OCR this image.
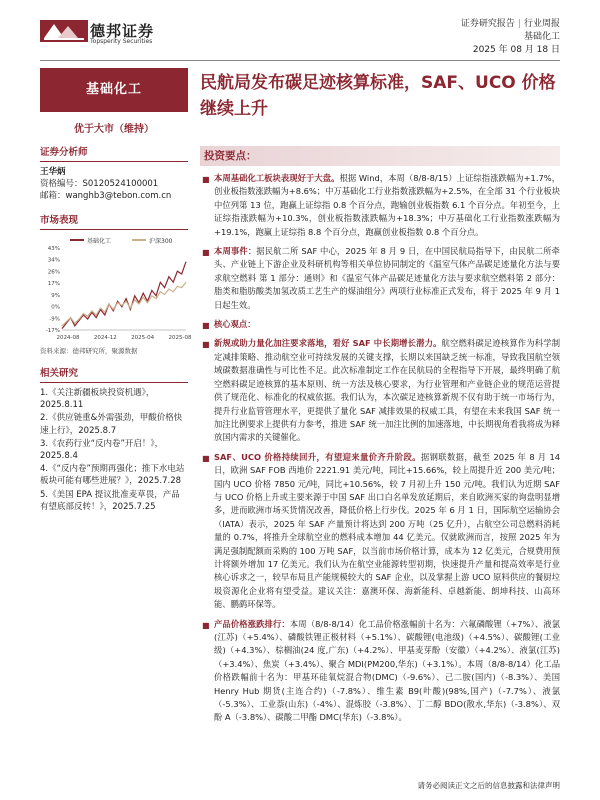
德邦证券
Topsperity Securities
证券研究报告 | 行业周报
基础化工
2025 年 08 月 18 日
基础化工
优于大市（维持）
证券分析师
王华炳
资格编号：S0120524100001
邮箱：wanghb3@tebon.com.cn
市场表现
基础化工	沪深300
43%
34%
26%
17%
9%
0%
-9%
-17%
2024-08	2024-12	2025-04	2025-08
资料来源：德邦研究所，聚源数据
相关研究
1.《关注新疆板块投资机遇》，2025.8.11
2.《供应链重&外需强劲，甲酸价格快速上行》，2025.8.7
3.《农药行业“反内卷”开启！》，2025.8.4
4.《“反内卷”预期再强化；推下水电站板块可能有哪些进展？》，2025.7.28
5.《美国 EPA 提议批准麦草畏，产品有望底部反转！》，2025.7.25
民航局发布碳足迹核算标准，SAF、UCO 价格继续上升
投资要点：
■ 本周基础化工板块表现好于大盘。根据 Wind，本周（8/8-8/15）上证综指涨跌幅为+1.7%，创业板指数涨跌幅为+8.6%；中万基础化工行业指数涨跌幅为+2.5%，在全部 31 个行业板块中位列第 13 位，跑赢上证综指 0.8 个百分点，跑输创业板指数 6.1 个百分点。年初至今，上证综指涨跌幅为+10.3%，创业板指数涨跌幅为+18.3%；中万基础化工行业指数涨跌幅为+19.1%，跑赢上证综指 8.8 个百分点，跑赢创业板指数 0.8 个百分点。
■ 本周事件：据民航二所 SAF 中心，2025 年 8 月 9 日，在中国民航局指导下，由民航二所牵头、产业链上下游企业及科研机构等相关单位协同制定的《温室气体产品碳足迹量化方法与要求航空燃料 第 1 部分：通则》和《温室气体产品碳足迹量化方法与要求航空燃料第 2 部分：脂类和脂肪酸类加氢改质工艺生产的煤油组分》两项行业标准正式发布，将于 2025 年 9 月 1 日起生效。
■ 核心观点：
■ 新规或助力量化加注要求落地，看好 SAF 中长期增长潜力。航空燃料碳足迹核算作为科学制定减排策略、推动航空业可持续发展的关键支撑，长期以来国缺乏统一标准，导致我国航空领域碳数据准确性与可比性不足。此次标准制定工作在民航局的全程指导下开展，最终明确了航空燃料碳足迹核算的基本原则、统一方法及核心要求，为行业管理和产业链企业的规范运营提供了规范化、标准化的权威依据。我们认为，本次碳足迹核算新规不仅有助于统一市场行为，提升行业监管管理水平，更提供了量化 SAF 减排效果的权威工具，有望在未来我国 SAF 统一加注比例要求上提供有力参考，推进 SAF 统一加注比例的加速落地，中长期视角看我将成为释放国内需求的关键催化。
■ SAF、UCO 价格持续回升，有望迎来量价齐升阶段。据钢联数据，截至 2025 年 8 月 14 日，欧洲 SAF FOB 西地价 2221.91 美元/吨，同比+15.66%，较上周提升近 200 美元/吨；国内 UCO 价格 7850 元/吨，同比+10.56%，较 7 月初上升 150 元/吨。我们认为近期 SAF 与 UCO 价格上升或主要来源于中国 SAF 出口白名单发放延期后，来自欧洲买家的询盘明显增多，进而欧洲市场买货情况改善，降低价格上行步伐。2025 年 6 月 1 日，国际航空运输协会（IATA）表示，2025 年 SAF 产量预计将达到 200 万吨（25 亿升），占航空公司总燃料消耗量的 0.7%，将推升全球航空业的燃料成本增加 44 亿美元。仅就欧洲而言，按照 2025 年为满足强制配额而采购的 100 万吨 SAF，以当前市场价格计算，成本为 12 亿美元，合规费用预计将额外增加 17 亿美元。我们认为在航空业能源转型初期，快速提升产量和提高效率是行业核心诉求之一，较早布局且产能规模较大的 SAF 企业，以及掌握上游 UCO 原料供应的餐厨垃圾资源化企业将有望受益。建议关注：嘉澳环保、海新能科、卓越新能、朗坤科技、山高环能、鹏鹞环保等。
■ 产品价格涨跌排行：本周（8/8-8/14）化工品价格涨幅前十名为：六氟磷酸锂（+7%）、液氯(江苏)（+5.4%）、磷酸铁锂正极材料（+5.1%）、碳酸锂(电池级)（+4.5%）、碳酸锂(工业级)（+4.3%）、棕榈油(24 度,广东)（+4.2%）、甲基麦芽酚（安徽）（+4.2%）、液氯(江苏)（+3.4%）、焦炭（+3.4%）、聚合 MDI(PM200,华东)（+3.1%）。本周（8/8-8/14）化工品价格跌幅前十名为：甲基环硅氧烷混合物(DMC)（-9.6%）、己二胺(国内)（-8.3%）、美国 Henry Hub 期货(主连合约)（-7.8%）、维生素 B9(叶酸)(98%,国产)（-7.7%）、液氯（-5.3%）、工业萘(山东)（-4%）、混炼胶（-3.8%）、丁二醇 BDO(散水,华东)（-3.8%）、双酚 A（-3.8%）、碳酸二甲酯 DMC(华东)（-3.8%）。
请务必阅读正文之后的信息披露和法律声明
